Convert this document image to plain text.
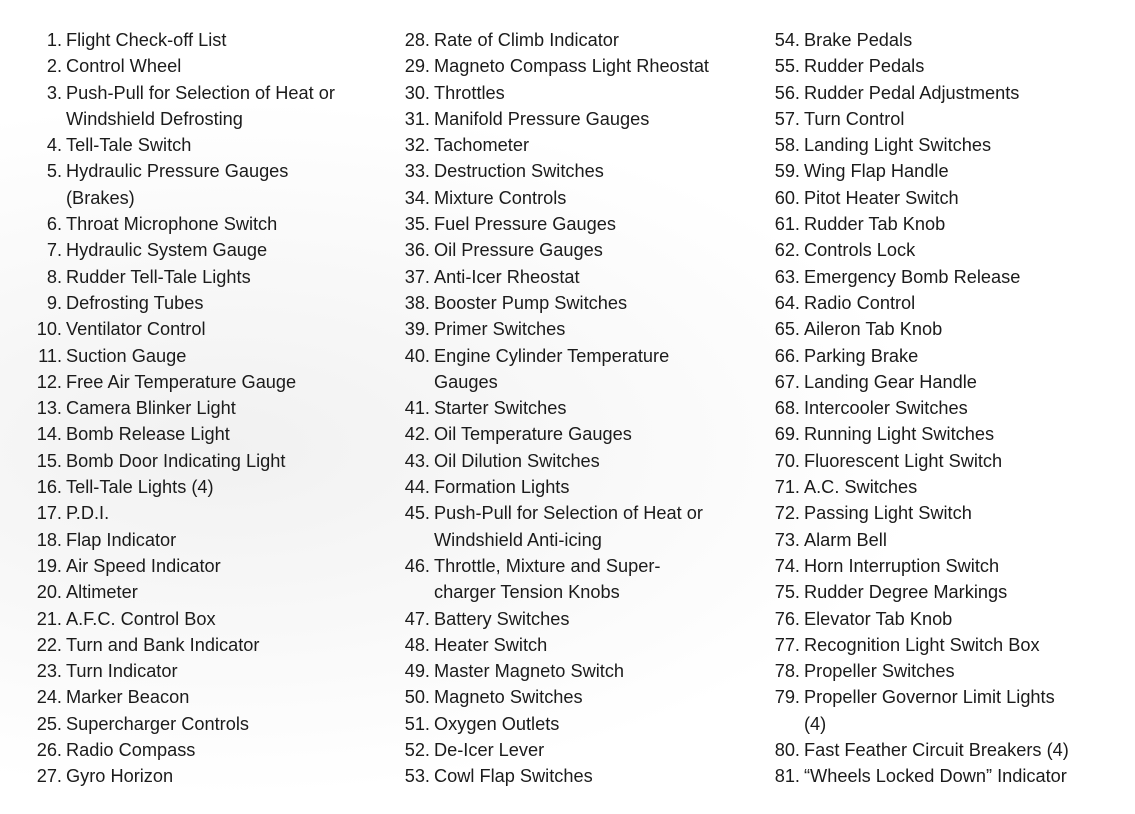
1. Flight Check-off List
2. Control Wheel
3. Push-Pull for Selection of Heat or
Windshield Defrosting
4. Tell-Tale Switch
5. Hydraulic Pressure Gauges
(Brakes)
6. Throat Microphone Switch
7. Hydraulic System Gauge
8. Rudder Tell-Tale Lights
9. Defrosting Tubes
10. Ventilator Control
11. Suction Gauge
12. Free Air Temperature Gauge
13. Camera Blinker Light
14. Bomb Release Light
15. Bomb Door Indicating Light
16. Tell-Tale Lights (4)
17. P.D.I.
18. Flap Indicator
19. Air Speed Indicator
20. Altimeter
21. A.F.C. Control Box
22. Turn and Bank Indicator
23. Turn Indicator
24. Marker Beacon
25. Supercharger Controls
26. Radio Compass
27. Gyro Horizon
28. Rate of Climb Indicator
29. Magneto Compass Light Rheostat
30. Throttles
31. Manifold Pressure Gauges
32. Tachometer
33. Destruction Switches
34. Mixture Controls
35. Fuel Pressure Gauges
36. Oil Pressure Gauges
37. Anti-Icer Rheostat
38. Booster Pump Switches
39. Primer Switches
40. Engine Cylinder Temperature
Gauges
41. Starter Switches
42. Oil Temperature Gauges
43. Oil Dilution Switches
44. Formation Lights
45. Push-Pull for Selection of Heat or
Windshield Anti-icing
46. Throttle, Mixture and Super-
charger Tension Knobs
47. Battery Switches
48. Heater Switch
49. Master Magneto Switch
50. Magneto Switches
51. Oxygen Outlets
52. De-Icer Lever
53. Cowl Flap Switches
54. Brake Pedals
55. Rudder Pedals
56. Rudder Pedal Adjustments
57. Turn Control
58. Landing Light Switches
59. Wing Flap Handle
60. Pitot Heater Switch
61. Rudder Tab Knob
62. Controls Lock
63. Emergency Bomb Release
64. Radio Control
65. Aileron Tab Knob
66. Parking Brake
67. Landing Gear Handle
68. Intercooler Switches
69. Running Light Switches
70. Fluorescent Light Switch
71. A.C. Switches
72. Passing Light Switch
73. Alarm Bell
74. Horn Interruption Switch
75. Rudder Degree Markings
76. Elevator Tab Knob
77. Recognition Light Switch Box
78. Propeller Switches
79. Propeller Governor Limit Lights
(4)
80. Fast Feather Circuit Breakers (4)
81. “Wheels Locked Down” Indicator
